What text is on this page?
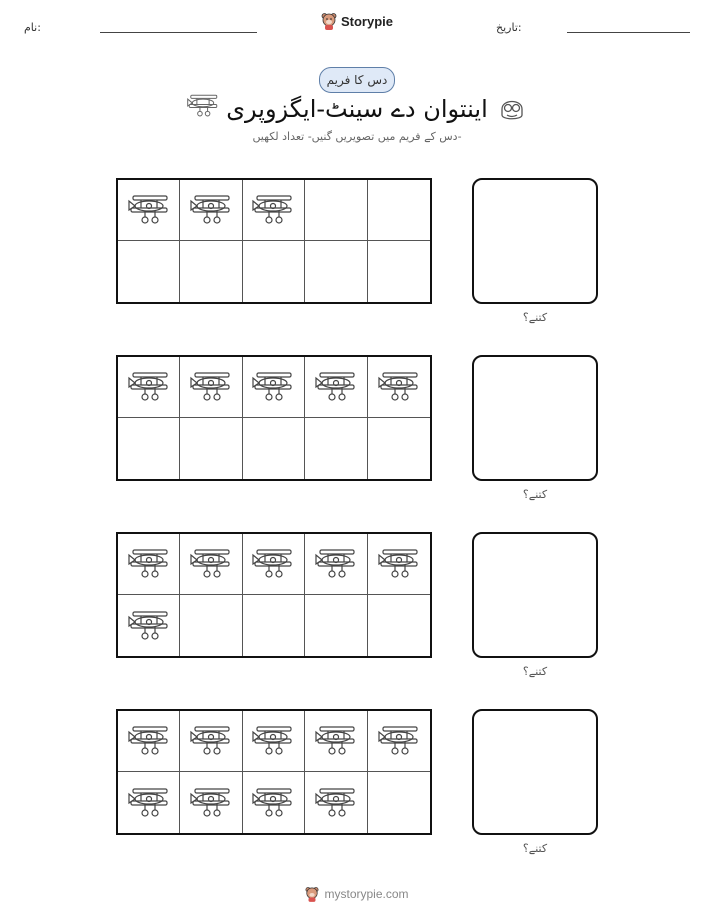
نام:	Storypie	تاریخ:
دس کا فریم
اینتوان دے سینٹ-ایگزوپری
دس کے فریم میں تصویریں گنیں- تعداد لکھیں-
کتنے؟
کتنے؟
کتنے؟
کتنے؟
mystorypie.com
